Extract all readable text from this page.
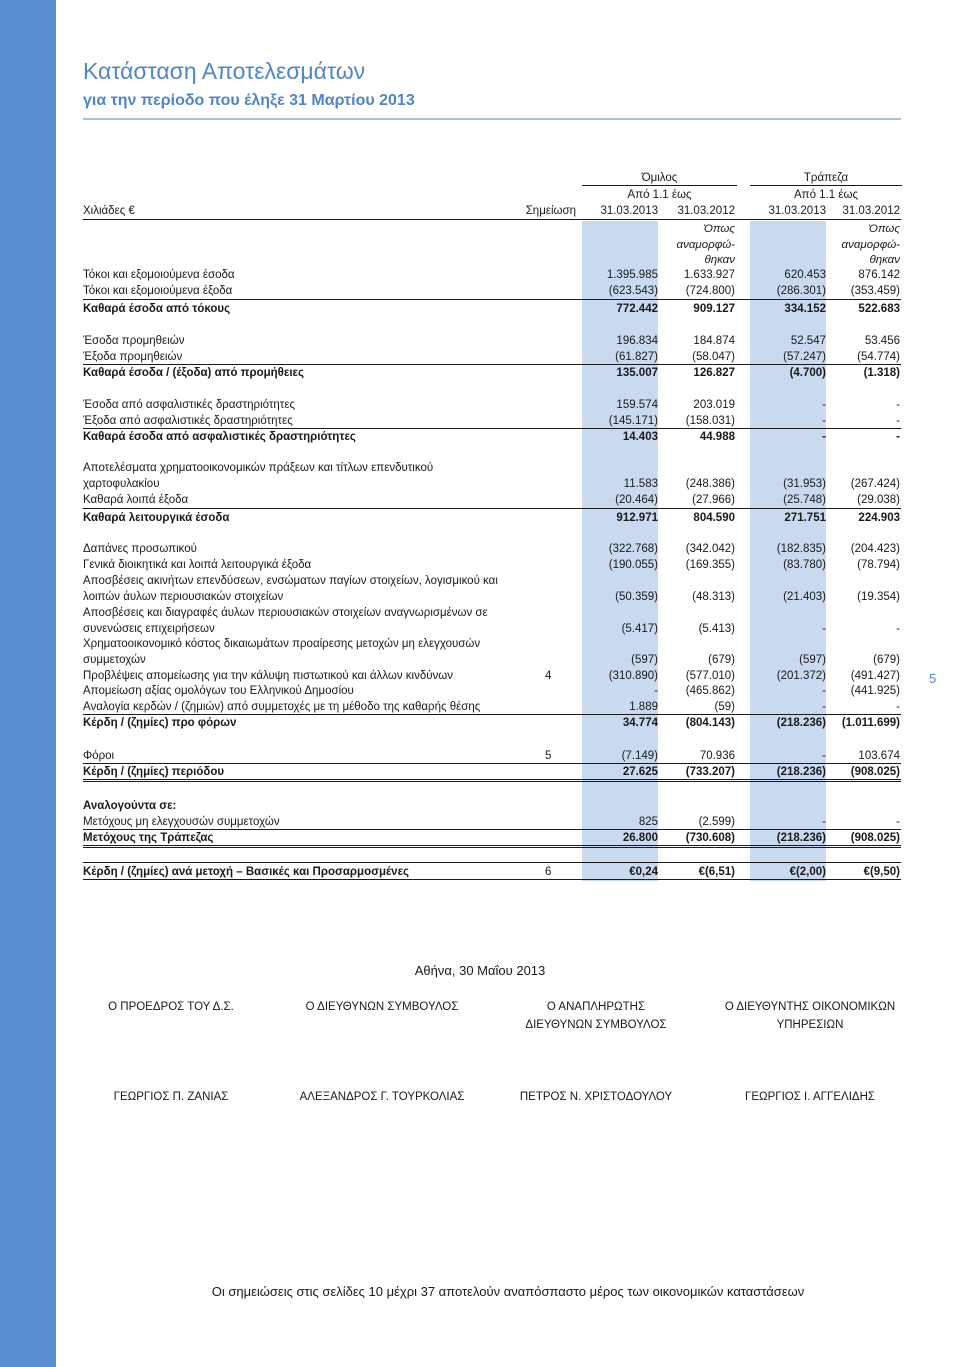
Κατάσταση Αποτελεσμάτων
για την περίοδο που έληξε 31 Μαρτίου 2013
Όμιλος	Τράπεζα
Από 1.1 έως	Από 1.1 έως
Χιλιάδες €	Σημείωση	31.03.2013	31.03.2012	31.03.2013	31.03.2012
Όπως
αναμορφώ-
θηκαν
Όπως
αναμορφώ-
θηκαν
Τόκοι και εξομοιούμενα έσοδα	1.395.985	1.633.927	620.453	876.142
Τόκοι και εξομοιούμενα έξοδα	(623.543)	(724.800)	(286.301)	(353.459)
Καθαρά έσοδα από τόκους	772.442	909.127	334.152	522.683
Έσοδα προμηθειών	196.834	184.874	52.547	53.456
Έξοδα προμηθειών	(61.827)	(58.047)	(57.247)	(54.774)
Καθαρά έσοδα / (έξοδα) από προμήθειες	135.007	126.827	(4.700)	(1.318)
Έσοδα από ασφαλιστικές δραστηριότητες	159.574	203.019	-	-
Έξοδα από ασφαλιστικές δραστηριότητες	(145.171)	(158.031)	-	-
Καθαρά έσοδα από ασφαλιστικές δραστηριότητες	14.403	44.988	-	-
Αποτελέσματα χρηματοοικονομικών πράξεων και τίτλων επενδυτικού
χαρτοφυλακίου	11.583	(248.386)	(31.953)	(267.424)
Καθαρά λοιπά έξοδα	(20.464)	(27.966)	(25.748)	(29.038)
Καθαρά λειτουργικά έσοδα	912.971	804.590	271.751	224.903
Δαπάνες προσωπικού	(322.768)	(342.042)	(182.835)	(204.423)
Γενικά διοικητικά και λοιπά λειτουργικά έξοδα	(190.055)	(169.355)	(83.780)	(78.794)
Αποσβέσεις ακινήτων επενδύσεων, ενσώματων παγίων στοιχείων, λογισμικού και
λοιπών άυλων περιουσιακών στοιχείων	(50.359)	(48.313)	(21.403)	(19.354)
Αποσβέσεις και διαγραφές άυλων περιουσιακών στοιχείων αναγνωρισμένων σε
συνενώσεις επιχειρήσεων	(5.417)	(5.413)	-	-
Χρηματοοικονομικό κόστος δικαιωμάτων προαίρεσης μετοχών μη ελεγχουσών
συμμετοχών	(597)	(679)	(597)	(679)
Προβλέψεις απομείωσης για την κάλυψη πιστωτικού και άλλων κινδύνων	4	(310.890)	(577.010)	(201.372)	(491.427)
Απομείωση αξίας ομολόγων του Ελληνικού Δημοσίου	-	(465.862)	-	(441.925)
Αναλογία κερδών / (ζημιών) από συμμετοχές με τη μέθοδο της καθαρής θέσης	1.889	(59)	-	-
Κέρδη / (ζημίες) προ φόρων	34.774	(804.143)	(218.236)	(1.011.699)
Φόροι	5	(7.149)	70.936	-	103.674
Κέρδη / (ζημίες) περιόδου	27.625	(733.207)	(218.236)	(908.025)
Αναλογούντα σε:
Μετόχους μη ελεγχουσών συμμετοχών	825	(2.599)	-	-
Μετόχους της Τράπεζας	26.800	(730.608)	(218.236)	(908.025)
Κέρδη / (ζημίες) ανά μετοχή – Βασικές και Προσαρμοσμένες	6	€0,24	€(6,51)	€(2,00)	€(9,50)
5
Αθήνα, 30 Μαΐου 2013
Ο ΠΡΟΕΔΡΟΣ ΤΟΥ Δ.Σ.
ΓΕΩΡΓΙΟΣ Π. ΖΑΝΙΑΣ
Ο ΔΙΕΥΘΥΝΩΝ ΣΥΜΒΟΥΛΟΣ
ΑΛΕΞΑΝΔΡΟΣ Γ. ΤΟΥΡΚΟΛΙΑΣ
Ο ΑΝΑΠΛΗΡΩΤΗΣ
ΔΙΕΥΘΥΝΩΝ ΣΥΜΒΟΥΛΟΣ
ΠΕΤΡΟΣ Ν. ΧΡΙΣΤΟΔΟΥΛΟΥ
Ο ΔΙΕΥΘΥΝΤΗΣ ΟΙΚΟΝΟΜΙΚΩΝ
ΥΠΗΡΕΣΙΩΝ
ΓΕΩΡΓΙΟΣ Ι. ΑΓΓΕΛΙΔΗΣ
Οι σημειώσεις στις σελίδες 10 μέχρι 37 αποτελούν αναπόσπαστο μέρος των οικονομικών καταστάσεων
